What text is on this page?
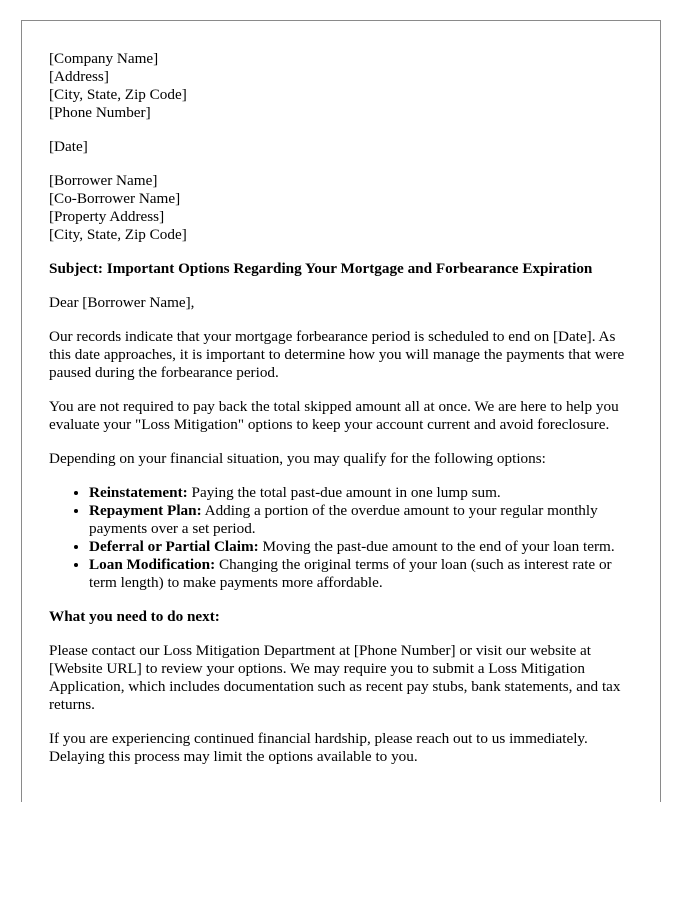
[Company Name]
[Address]
[City, State, Zip Code]
[Phone Number]
[Date]
[Borrower Name]
[Co-Borrower Name]
[Property Address]
[City, State, Zip Code]

Subject: Important Options Regarding Your Mortgage and Forbearance Expiration

Dear [Borrower Name],

Our records indicate that your mortgage forbearance period is scheduled to end on [Date]. As this date approaches, it is important to determine how you will manage the payments that were paused during the forbearance period.

You are not required to pay back the total skipped amount all at once. We are here to help you evaluate your "Loss Mitigation" options to keep your account current and avoid foreclosure.

Depending on your financial situation, you may qualify for the following options:

• Reinstatement: Paying the total past-due amount in one lump sum.
• Repayment Plan: Adding a portion of the overdue amount to your regular monthly payments over a set period.
• Deferral or Partial Claim: Moving the past-due amount to the end of your loan term.
• Loan Modification: Changing the original terms of your loan (such as interest rate or term length) to make payments more affordable.

What you need to do next:

Please contact our Loss Mitigation Department at [Phone Number] or visit our website at [Website URL] to review your options. We may require you to submit a Loss Mitigation Application, which includes documentation such as recent pay stubs, bank statements, and tax returns.

If you are experiencing continued financial hardship, please reach out to us immediately. Delaying this process may limit the options available to you.
